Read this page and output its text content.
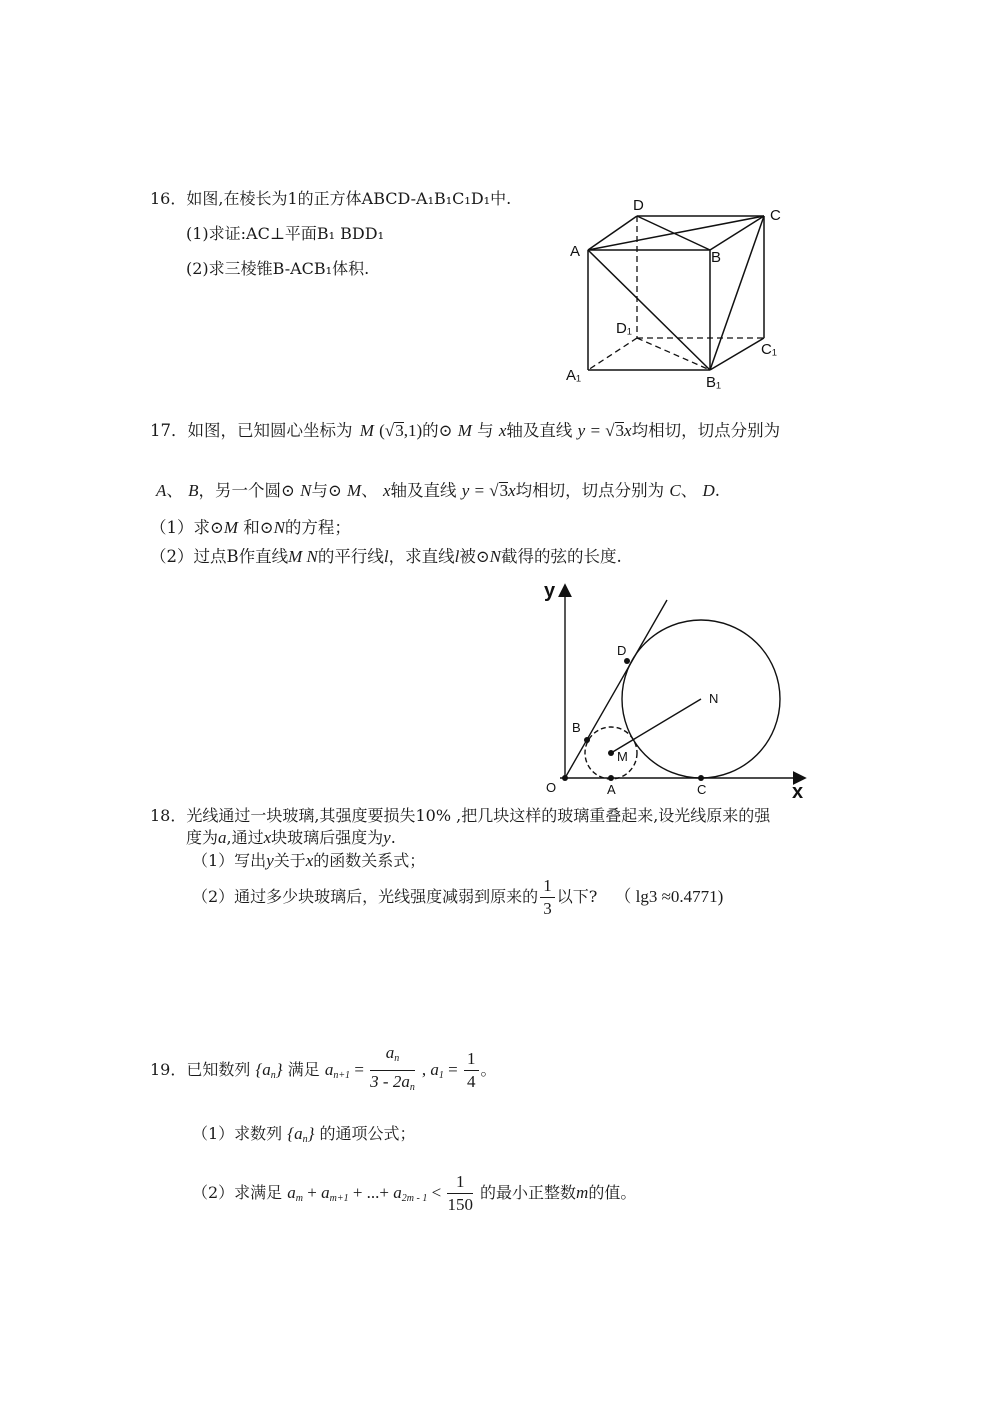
16．如图,在棱长为1的正方体ABCD-A₁B₁C₁D₁中.
(1)求证:AC⊥平面B₁ BDD₁
(2)求三棱锥B-ACB₁体积.
A	B
C
D
A₁	B₁
C₁
D₁
17．如图，已知圆心坐标为 M (√3,1)的⊙ M 与 x轴及直线 y = √3x均相切，切点分别为
A、 B，另一个圆⊙ N与⊙ M、 x轴及直线 y = √3x均相切，切点分别为 C、 D.
（1）求⊙M 和⊙N的方程；
（2）过点B作直线M N的平行线l，求直线l被⊙N截得的弦的长度.
y
x
O	A
B
C
D
M
N
18．光线通过一块玻璃,其强度要损失10% ,把几块这样的玻璃重叠起来,设光线原来的强
度为a,通过x块玻璃后强度为y.
（1）写出y关于x的函数关系式；
（2）通过多少块玻璃后，光线强度减弱到原来的 $\frac{1}{3}$ 以下? （ lg3 ≈0.4771)
19．已知数列 $\{a_n\}$ 满足 $a_{n+1} = \frac{a_n}{3 - 2a_n}$ , $a_1 = \frac{1}{4}$ 。
（1）求数列 $\{a_n\}$ 的通项公式；
（2）求满足 $a_m + a_{m+1}$ + ...+ $a_{2m - 1} < \frac{1}{150}$ 的最小正整数m的值。
